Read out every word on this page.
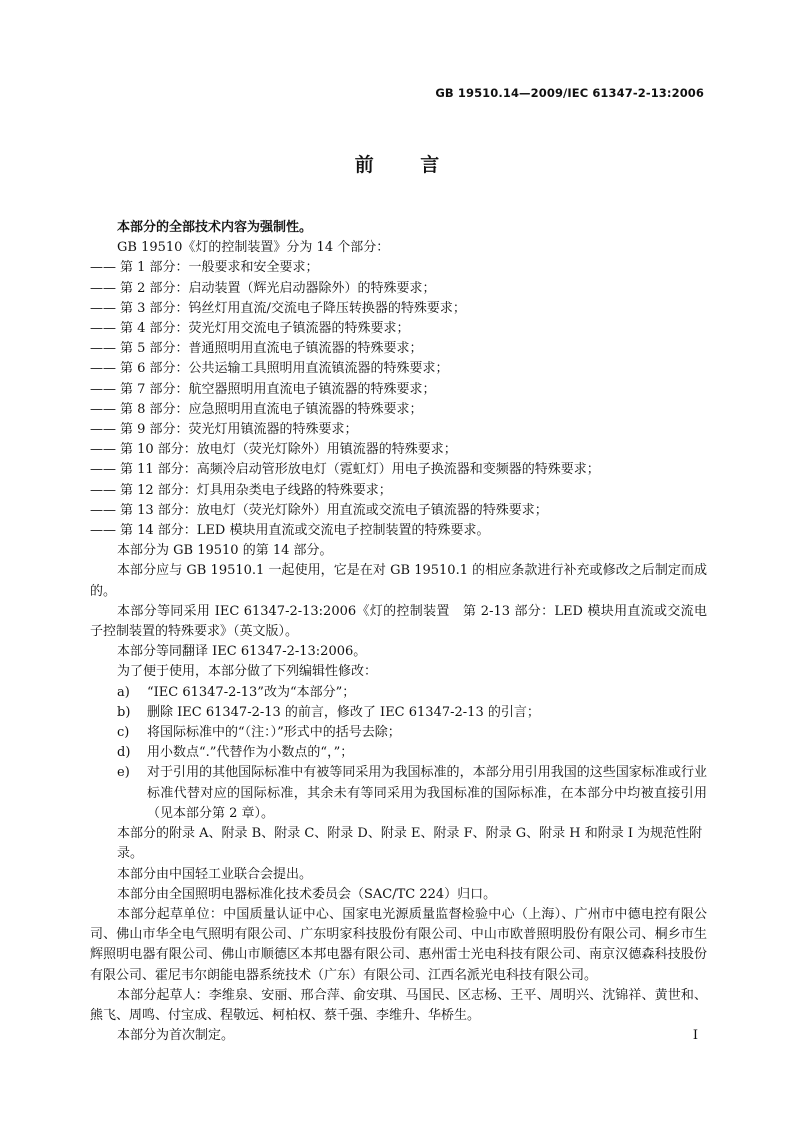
GB 19510.14—2009/IEC 61347-2-13:2006
前 言

本部分的全部技术内容为强制性。

GB 19510《灯的控制装置》分为 14 个部分：

—— 第 1 部分：一般要求和安全要求；
—— 第 2 部分：启动装置（辉光启动器除外）的特殊要求；
—— 第 3 部分：钨丝灯用直流/交流电子降压转换器的特殊要求；
—— 第 4 部分：荧光灯用交流电子镇流器的特殊要求；
—— 第 5 部分：普通照明用直流电子镇流器的特殊要求；
—— 第 6 部分：公共运输工具照明用直流镇流器的特殊要求；
—— 第 7 部分：航空器照明用直流电子镇流器的特殊要求；
—— 第 8 部分：应急照明用直流电子镇流器的特殊要求；
—— 第 9 部分：荧光灯用镇流器的特殊要求；
—— 第 10 部分：放电灯（荧光灯除外）用镇流器的特殊要求；
—— 第 11 部分：高频冷启动管形放电灯（霓虹灯）用电子换流器和变频器的特殊要求；
—— 第 12 部分：灯具用杂类电子线路的特殊要求；
—— 第 13 部分：放电灯（荧光灯除外）用直流或交流电子镇流器的特殊要求；
—— 第 14 部分：LED 模块用直流或交流电子控制装置的特殊要求。

本部分为 GB 19510 的第 14 部分。

本部分应与 GB 19510.1 一起使用，它是在对 GB 19510.1 的相应条款进行补充或修改之后制定而成的。

本部分等同采用 IEC 61347-2-13:2006《灯的控制装置　第 2-13 部分：LED 模块用直流或交流电子控制装置的特殊要求》（英文版）。

本部分等同翻译 IEC 61347-2-13:2006。

为了便于使用，本部分做了下列编辑性修改：

a)	“IEC 61347-2-13”改为“本部分”；
b)	删除 IEC 61347-2-13 的前言，修改了 IEC 61347-2-13 的引言；
c)	将国际标准中的“（注：）”形式中的括号去除；
d)	用小数点“.”代替作为小数点的“，”；
e)	对于引用的其他国际标准中有被等同采用为我国标准的，本部分用引用我国的这些国家标准或行业标准代替对应的国际标准，其余未有等同采用为我国标准的国际标准，在本部分中均被直接引用（见本部分第 2 章）。

本部分的附录 A、附录 B、附录 C、附录 D、附录 E、附录 F、附录 G、附录 H 和附录 I 为规范性附录。

本部分由中国轻工业联合会提出。

本部分由全国照明电器标准化技术委员会（SAC/TC 224）归口。

本部分起草单位：中国质量认证中心、国家电光源质量监督检验中心（上海）、广州市中德电控有限公司、佛山市华全电气照明有限公司、广东明家科技股份有限公司、中山市欧普照明股份有限公司、桐乡市生辉照明电器有限公司、佛山市顺德区本邦电器有限公司、惠州雷士光电科技有限公司、南京汉德森科技股份有限公司、霍尼韦尔朗能电器系统技术（广东）有限公司、江西名派光电科技有限公司。

本部分起草人：李维泉、安丽、邢合萍、俞安琪、马国民、区志杨、王平、周明兴、沈锦祥、黄世和、熊飞、周鸣、付宝成、程敬远、柯柏权、蔡千强、李维升、华桥生。

本部分为首次制定。	I
